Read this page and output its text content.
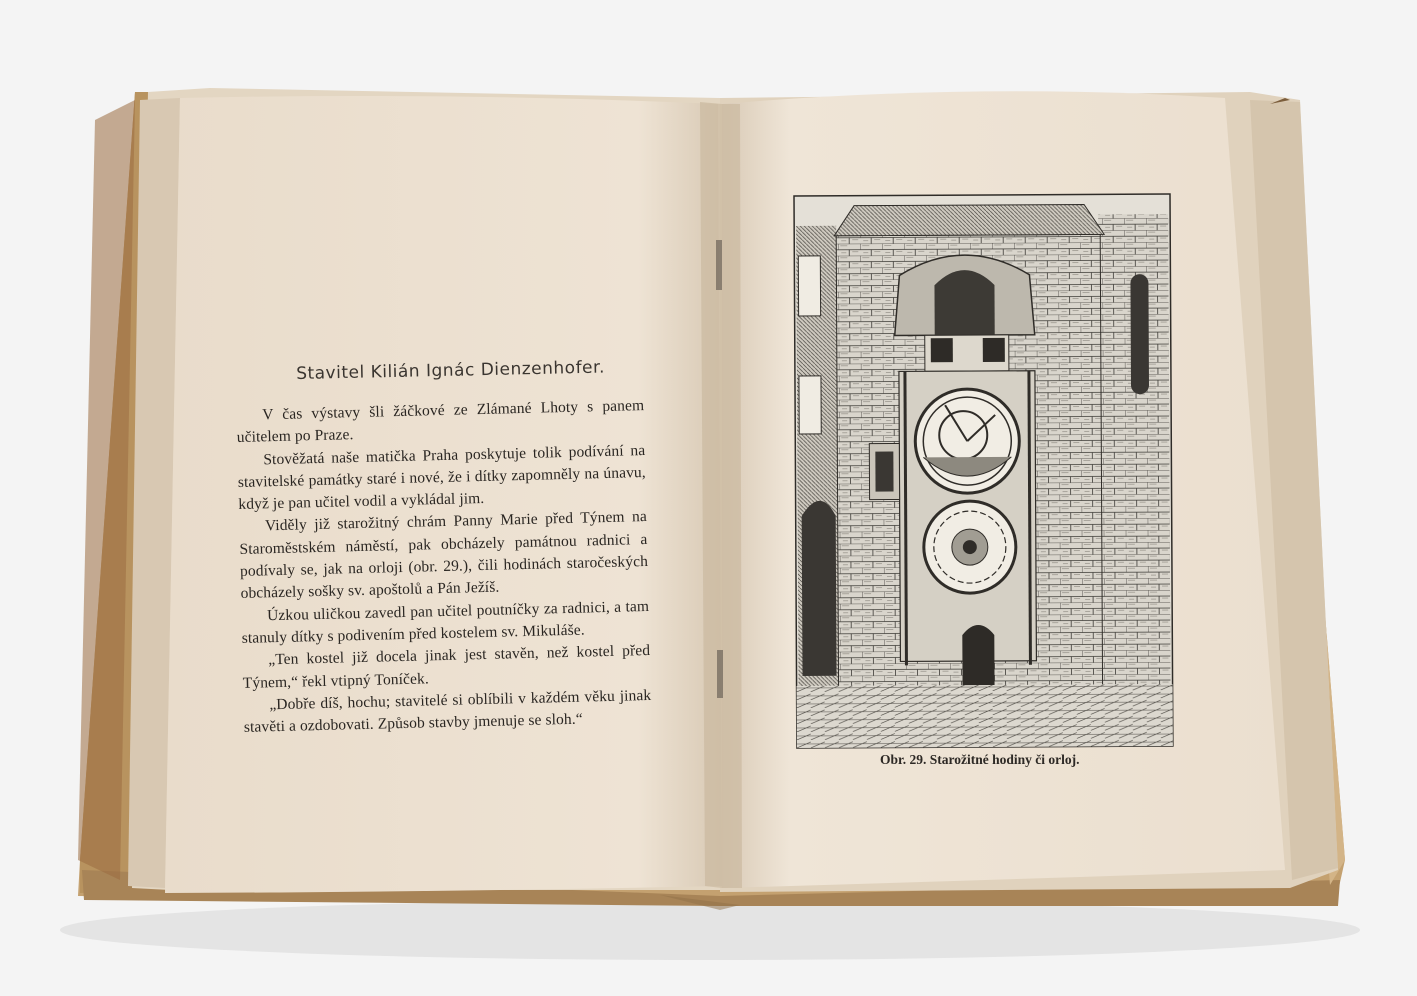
Stavitel Kilián Ignác Dienzenhofer.

V čas výstavy šli žáčkové ze Zlámané Lhoty s panem učitelem po Praze.

Stověžatá naše matička Praha poskytuje tolik podívání na stavitelské památky staré i nové, že i dítky zapomněly na únavu, když je pan učitel vodil a vykládal jim.

Viděly již starožitný chrám Panny Marie před Týnem na Staroměstském náměstí, pak obcházely památnou radnici a podívaly se, jak na orloji (obr. 29.), čili hodinách staročeských obcházely sošky sv. apoštolů a Pán Ježíš.

Úzkou uličkou zavedl pan učitel poutníčky za radnici, a tam stanuly dítky s podivením před kostelem sv. Mikuláše.

„Ten kostel již docela jinak jest stavěn, než kostel před Týnem,“ řekl vtipný Toníček.

„Dobře díš, hochu; stavitelé si oblíbili v každém věku jinak stavěti a ozdobovati. Způsob stavby jmenuje se sloh.“

Obr. 29. Starožitné hodiny či orloj.
